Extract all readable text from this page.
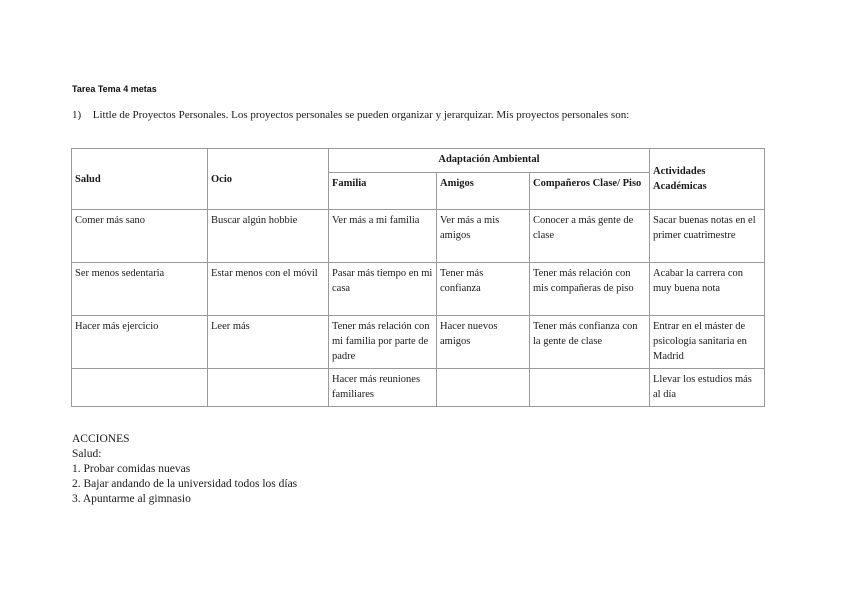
Tarea Tema 4 metas
1) Little de Proyectos Personales. Los proyectos personales se pueden organizar y jerarquizar. Mis proyectos personales son:
Salud	Ocio	Adaptación Ambiental			Actividades Académicas
		Familia	Amigos	Compañeros Clase/ Piso	
Comer más sano	Buscar algún hobbie	Ver más a mi familia	Ver más a mis amigos	Conocer a más gente de clase	Sacar buenas notas en el primer cuatrimestre
Ser menos sedentaria	Estar menos con el móvil	Pasar más tiempo en mi casa	Tener más confianza	Tener más relación con mis compañeras de piso	Acabar la carrera con muy buena nota
Hacer más ejercicio	Leer más	Tener más relación con mi familia por parte de padre	Hacer nuevos amigos	Tener más confianza con la gente de clase	Entrar en el máster de psicología sanitaria en Madrid
		Hacer más reuniones familiares			Llevar los estudios más al día
ACCIONES
Salud:
1. Probar comidas nuevas
2. Bajar andando de la universidad todos los días
3. Apuntarme al gimnasio
